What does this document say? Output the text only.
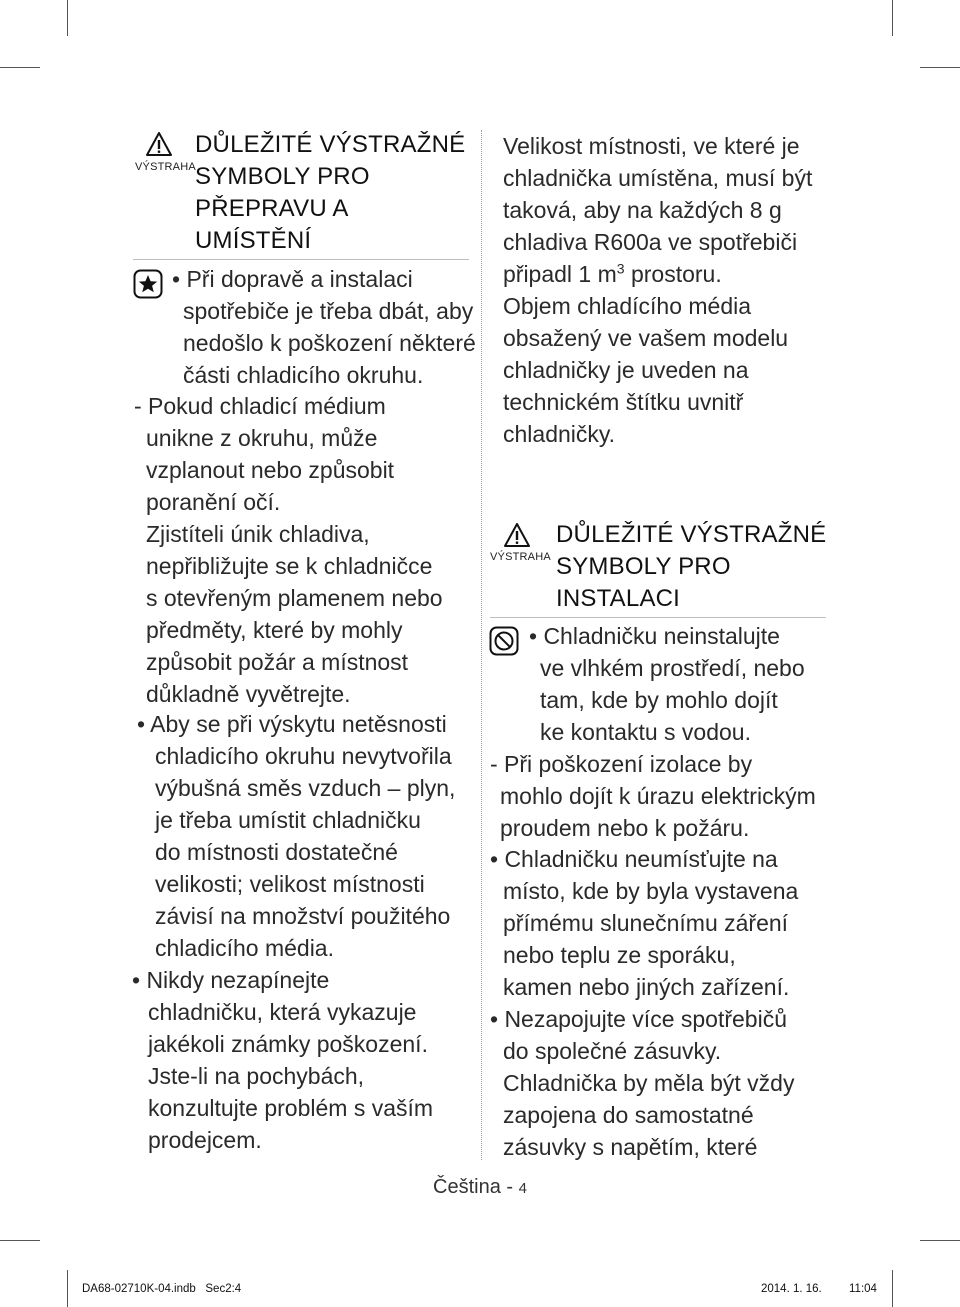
VÝSTRAHA
DŮLEŽITÉ VÝSTRAŽNÉ
SYMBOLY PRO
PŘEPRAVU A
UMÍSTĚNÍ
• Při dopravě a instalaci
spotřebiče je třeba dbát, aby
nedošlo k poškození některé
části chladicího okruhu.
- Pokud chladicí médium
unikne z okruhu, může
vzplanout nebo způsobit
poranění očí.
Zjistíteli únik chladiva,
nepřibližujte se k chladničce
s otevřeným plamenem nebo
předměty, které by mohly
způsobit požár a místnost
důkladně vyvětrejte.
• Aby se při výskytu netěsnosti
chladicího okruhu nevytvořila
výbušná směs vzduch – plyn,
je třeba umístit chladničku
do místnosti dostatečné
velikosti; velikost místnosti
závisí na množství použitého
chladicího média.
• Nikdy nezapínejte
chladničku, která vykazuje
jakékoli známky poškození.
Jste-li na pochybách,
konzultujte problém s vaším
prodejcem.
Velikost místnosti, ve které je
chladnička umístěna, musí být
taková, aby na každých 8 g
chladiva R600a ve spotřebiči
připadl 1 $m^3$ prostoru.
Objem chladícího média
obsažený ve vašem modelu
chladničky je uveden na
technickém štítku uvnitř
chladničky.
VÝSTRAHA
DŮLEŽITÉ VÝSTRAŽNÉ
SYMBOLY PRO
INSTALACI
• Chladničku neinstalujte
ve vlhkém prostředí, nebo
tam, kde by mohlo dojít
ke kontaktu s vodou.
- Při poškození izolace by
mohlo dojít k úrazu elektrickým
proudem nebo k požáru.
• Chladničku neumísťujte na
místo, kde by byla vystavena
přímému slunečnímu záření
nebo teplu ze sporáku,
kamen nebo jiných zařízení.
• Nezapojujte více spotřebičů
do společné zásuvky.
Chladnička by měla být vždy
zapojena do samostatné
zásuvky s napětím, které
Čeština - 4
DA68-02710K-04.indb   Sec2:4	2014. 1. 16. 11:04
